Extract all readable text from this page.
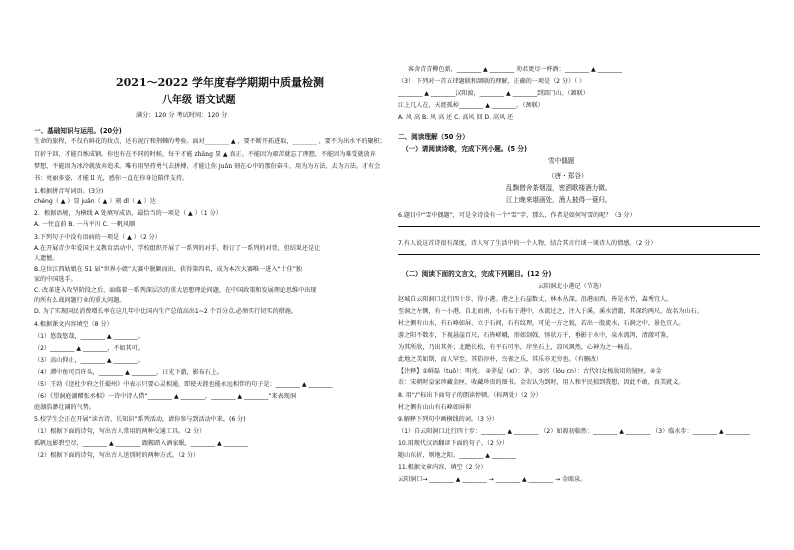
2021～2022 学年度春学期期中质量检测
八年级 语文试题
满分：120 分 考试时间：120 分
一、基础知识与运用。(20分)
生命的旅程，不仅有鲜花的妆点，还有泥泞和荆棘的考验。面对________ ▲ ，要不断开拓进取，________ ，要不为出水平的聚积；
百折千回，才能百炼成钢。你也有在不同的时候，每千才能 zhǎng 显 ▲ 真正。不能因为艰苦就忘了理想，不能因为难受就放弃
梦想，不能因为冰冷就放弃追求。唯有用坚持勇气去拼搏，才能让你 juān 刻在心中的那份奋斗，用为为方法，去为方法。才有会
书：亮丽多姿，才能 ll 光，感你一直在你身边陪伴支持。
1.根据拼音写词语。(3分)
chéng（ ▲ ）显 juān（ ▲ ）刻 dǐ（ ▲ ）达
2．根据语境，为横线 A 处填写成语，最恰当的一项是（ ▲ ）（1 分）
A. 一往直前 B. 一马平川 C. 一帆风顺
3.下列句子中没有语病的一项是（ ▲ ）（2 分）
A.在开展青少年爱国主义教育活动中，学校组织开展了一系列的对手，粉订了一系列的对背，但结果还是让
人遗憾。
B.这位江西姑娘在 51 届“世界小姐”大赛中脱颖而出，获得第四名，成为本次大赛唯一进入“十佳”独
家的中国选手。
C. 改革进入攻坚阶段之后，面临着一系列深层次的重大思想理论问题，在中国政策和发展理论思维中出现
的所有么战问题行业的重大问题。
D. 为了实现国民消费增长率在这几年中比国内生产总值高出1~2 个百分点,必须实行切实的措施。
4.根据课文内容填空（8 分）
（1）悠哉悠哉，________ ▲ ________。
（2）________ ▲ ________，不如其可。
（3）高山仰止，________ ▲ ________。
（4）潭中鱼可百许头，________ ▲ ________，日光下澈，影布石上。
（5）王勃《送杜少府之任蜀州》中表示只要心灵相通，即使天涯也能永远相伴的句子是：________ ▲ ________
（6）《望洞庭湖赠张丞相》一诗中诗人借“________ ▲ ________，________ ▲ ________”来表现洞
庭湖浩渺壮阔的气势。
5.校学生会正在开展“读古诗，长知识”系列活动，请你参与到活动中来。(6 分)
（1）根据下面的诗句，写出古人常用的两种交通工具。（2 分）
孤帆远影碧空尽，________ ▲ ________ 跟鞍踏入酒家眠，________ ▲ ________
（2）根据下面的诗句，写出古人送别时的两种方式。（2 分）
客舍青青柳色新，________ ▲ ________ 劝君更尽一杯酒：________ ▲ ________
（3） 下列对一首五律题联和颔联的理解，正确的一项是（2 分）（ ）
________ ▲ ________汉阳渡，________ ▲ ________到郢门山。（颔联）
江上几人在，天涯孤棹________ ▲ ________。（颈联）
A. 风 高 B. 风 高 还 C. 高风 回 D. 高风 还
二、阅读理解（50 分）
（一）请阅读诗歌，完成下列小题。(5 分)
雪中偶题
（唐・郑谷）
乱飘僧舍茶烟湿，密洒歌楼酒力微。
江上晚来堪画处，渔人披得一蓑归。
6.题目中“雪中偶题”，可是全诗没有一个“雪”字，那么，作者是如何写雪的呢？（3 分）
7.有人说这首诗很有深度，诗人写了生活中的一个人物，结合其言行谈一谈诗人的情感。（2 分）
（二）阅读下面的文言文，完成下列题目。(12 分)
云阳洞北小港记（节选）
赵城自云阳洞口北行四十步，得小港。港之上石崖数丈，林木丛深。沿港而西，皆是水竹，森秀宜人。
至洞之左侧，有一小港，自北而南，小石布于港中，水流过之，注入于溪，溪水清澈，其深约两尺，故名为山石。
村之侧有山水，有石峰如屏，立于石间，石有纹理，可见一方之貌，若出一股流水，石涧之中，景色宜人。
游之阳不数步，下视悬崖百尺，石皆嵯峨，形如剑戟，怪状万千，垂影于水中，泉水流泻，清澈可鉴，
为其所欣，乃出其外；北瞻长松，有平石可坐，岸坐石上，凉风飒然，心神为之一畅焉。
此地之美如斯，而人罕至。其俗淳朴，鸟雀之乐，其乐亦无穷也。（有删改）
【注释】①鲜磊（tuǒ）：明亮。 ②茅屋（xí）：茅。 ③窍（lóu cn）：古代妇女梳妆用的镜匣。④金
农：宋朝时皇家珍藏金匣，收藏珍贵的图书。金农认为到时，用人和平民掠到我想，因此不敢，真美就义。
8. 用“/”标出下面句子的朗读停顿。（标两处）（2 分）
村之侧有山山有石峰如屏伸
9.解释下列句中画横线的词。（3 分）
（1）自云阳洞口北行四十步：________ ▲ ________ （2）如渡初临然：________ ▲ ________ （3）临水步：________ ▲ ________
10.用现代汉语翻译下面的句子。（2 分）
随山东折，则地之阳。________ ▲ ________
11.根据文章内容，填空（2 分）
云阳洞口→ ________ ▲ ________ → ________ ▲ ________ → 金瓯泉。
